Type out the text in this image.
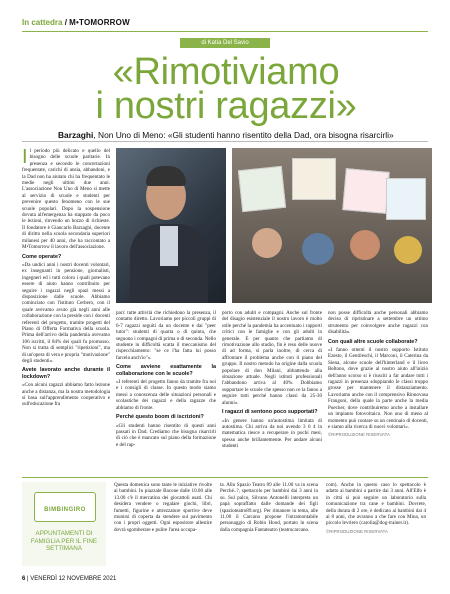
In cattedra / M•TOMORROW
di Katia Del Savio
«Rimotiviamo
i nostri ragazzi»
Barzaghi, Non Uno di Meno: «Gli studenti hanno risentito della Dad, ora bisogna risarcirli»

Il periodo più delicato e quello del bisogno delle scuole paritarie. In presenza e secondo le concertazioni frequentate, carichi di ansia, abbandoni, e la Dad non ha aiutato chi ha frequentato le medie negli ultimi due anni. L'associazione Non Uno di Meno si mette al servizio di scuole e studenti per prevenire questo fenomeno con le sue scuole popolari. Dopo la sospensione dovuta all'emergenza ha stappato da poco le lezioni, rinvendo un bozzo di richieste. Il fondatore è Giancarlo Barzaghi, docente di diritto nella scuola secondaria superiori milanesi per 40 anni, che ha raccontato a M•Tomorrow il lavoro dell'associazione.

Come operate?

«Da undici anni i nostri docenti volontari, ex insegnanti in pensione, giornalisti, ingegneri ed i tutti coloro i quali potevano essere di aiuto hanno contribuito per seguire i ragazzi negli spazi messi a disposizione dalle scuole. Abbiamo cominciato con l'istituto Cerbero, con il quale avevamo avuto già negli anni alle collaborazione con la preside con i docenti referenti del progetto, tramite progetti del Piano di Offerta Formativa della scuola. Prima dell'arrivo della pandemia avevamo 106 iscritti, il 84% dei quali fu promosso. Non si tratta di semplici "ripetizioni", ma di un'opera di vera e propria "motivazione" degli studenti».

Avete lavorato anche durante il lockdown?

«Con alcuni ragazzi abbiamo fatto lezione anche a distanza, ma la nostra metodologia si basa sull'apprendimento cooperativo e sull'educazione fra

pari: tutte attività che richiedono la presenza, il contatto diretto. Lavoriamo per piccoli gruppi di 6-7 ragazzi seguiti da un docente e dai "peer tutor": studenti di quarta o di quinta, che seguono i compagni di prima o di seconda. Nello studente in difficoltà scatta il meccanismo del rispecchiamento: "se ce l'ha fatta lui posso farcela anch'io"».

Come avviene esattamente la collaborazione con le scuole?

«I referenti del progetto fanno da tramite fra noi e i consigli di classe. In questo modo siamo messi a conoscenza delle situazioni personali e scolastiche dei ragazzi e della ragazze che abbiamo di fronte.

Perché questo boom di iscrizioni?

«Gli studenti hanno risentito di questi anni passati in Dad. Crediamo che bisogna risarcirli di ciò che è mancato sul piano della formazione e del rap-

porto con adulti e compagni. Anche sul fronte del disagio esistenziale il nostro lavoro è molto utile perché la pandemia ha accentuato i rapporti critici con le famiglie e con gli adulti in generale. E per quanto che partiamo di rimotivazione allo studio, fin è reso delle nuove di ad forma, si parla inoltre, di cerca di affrontare il problema anche con il piano del gruppo. Il nostro metodo ha origine dalla scuola popolare di don Milani, abbattendo alla situazione attuale. Negli istituti professionali l'abbandono arriva al 40%. Dobbiamo supportare le scuole che spesso non ce la fanno a seguire tutti perché hanno classi da 25-30 alunni».

I ragazzi di sentono poco supportati?

«In genere hanno un'autostima limitata di autostima. Chi arriva da noi avendo 3 0 4 in matematica riesce a recuperare in pochi mesi, spesso anche brillantemente. Per andare alcuni studenti

non posse difficoltà anche personali abbiamo deciso di ripristinare a settembre un ottimo strumento per coinvolgere anche ragazzi con disabilità».

Con quali altre scuole collaborate?

«I fanno ottenti il nostro supporto Istituto Ezesto, il Gentileschi, il Marconi, il Caterina da Siena, alcune scuole dell'hinterland e il liceo Beltono, dove grazie al nostro aiuto all'inizio dell'anno scorso si è riusciti a far andare tutti i ragazzi in presenza sdoppiando le classi troppo grosse per mantenere il distanziamento. Lavoriamo anche con il comprensivo Rinnovasa Frangoni, della quale la parte anche la media Puecher, dove contribuiremo anche a installare un impianto fotovoltaico. Non uno di meno al momento può contare su un centinaio di docenti, e siamo alla ricerca di nuovi volontari».

©RIPRODUZIONE RISERVATA

BIMBINGIRO
APPUNTAMENTI DI FAMIGLIA PER IL FINE SETTIMANA
Questa domenica sono tante le iniziative rivolte ai bambini. In piazzale Bacone dalle 10.00 alle 13.00 c'è il mercatino dei giocattoli usati. Chi desidera vendere o regalare giochi, libri, fumetti, figurine e attrezzature sportive deve munirsi di coperta da stendere sul pavimento con i propri oggetti. Ogni espositore allestire dovrà sgomberare e pulire l'area occupa-
ta. Allo Spazio Teatro 89 alle 11.00 va in scena Perché..?, spettacolo per bambini dai 3 anni in su. Sul palco, Silvano Antonelli interpreta un papà sopraffatto dalle domande dei figli (spazioteatro89.org). Per rimanere in tema, alle 11.00 il Carcano propone l'intramontabile personaggio di Robin Hood, portato in scena dalla compagnia Fantateatro (teatrocarcano.

com). Anche in questo caso lo spettacolo è adatto ai bambini a partire dai 3 anni. All'Elfo è in cittá si può seguire un laboratorio sulla comunicazione tra cane e bambini. Dovrete, della durata di 2 ore, è dedicato ai bambini dai 4 ai 8 anni, che avranno a che fare con Mina, un piccolo levriero (carolia@dog-trainer.it).

©RIPRODUZIONE RISERVATA

6 | VENERDÌ 12 NOVEMBRE 2021
